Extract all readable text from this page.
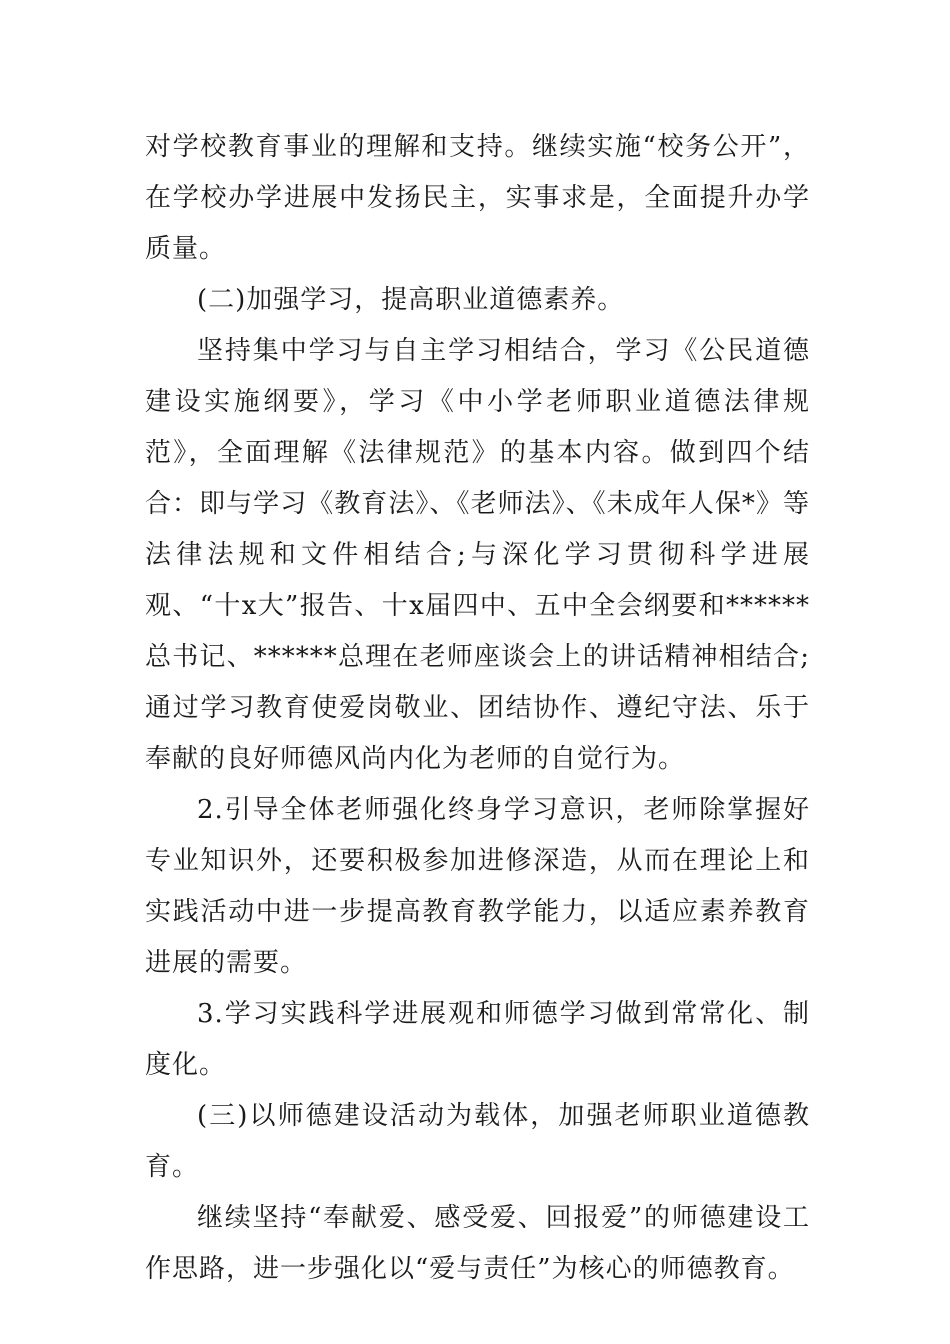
对学校教育事业的理解和支持。继续实施“校务公开”，在学校办学进展中发扬民主，实事求是，全面提升办学质量。

(二)加强学习，提高职业道德素养。

坚持集中学习与自主学习相结合，学习《公民道德建设实施纲要》，学习《中小学老师职业道德法律规范》，全面理解《法律规范》的基本内容。做到四个结合：即与学习《教育法》、《老师法》、《未成年人保*》等法律法规和文件相结合;与深化学习贯彻科学进展观、“十x大”报告、十x届四中、五中全会纲要和******总书记、******总理在老师座谈会上的讲话精神相结合;通过学习教育使爱岗敬业、团结协作、遵纪守法、乐于奉献的良好师德风尚内化为老师的自觉行为。

2.引导全体老师强化终身学习意识，老师除掌握好专业知识外，还要积极参加进修深造，从而在理论上和实践活动中进一步提高教育教学能力，以适应素养教育进展的需要。

3.学习实践科学进展观和师德学习做到常常化、制度化。

(三)以师德建设活动为载体，加强老师职业道德教育。

继续坚持“奉献爱、感受爱、回报爱”的师德建设工作思路，进一步强化以“爱与责任”为核心的师德教育。
